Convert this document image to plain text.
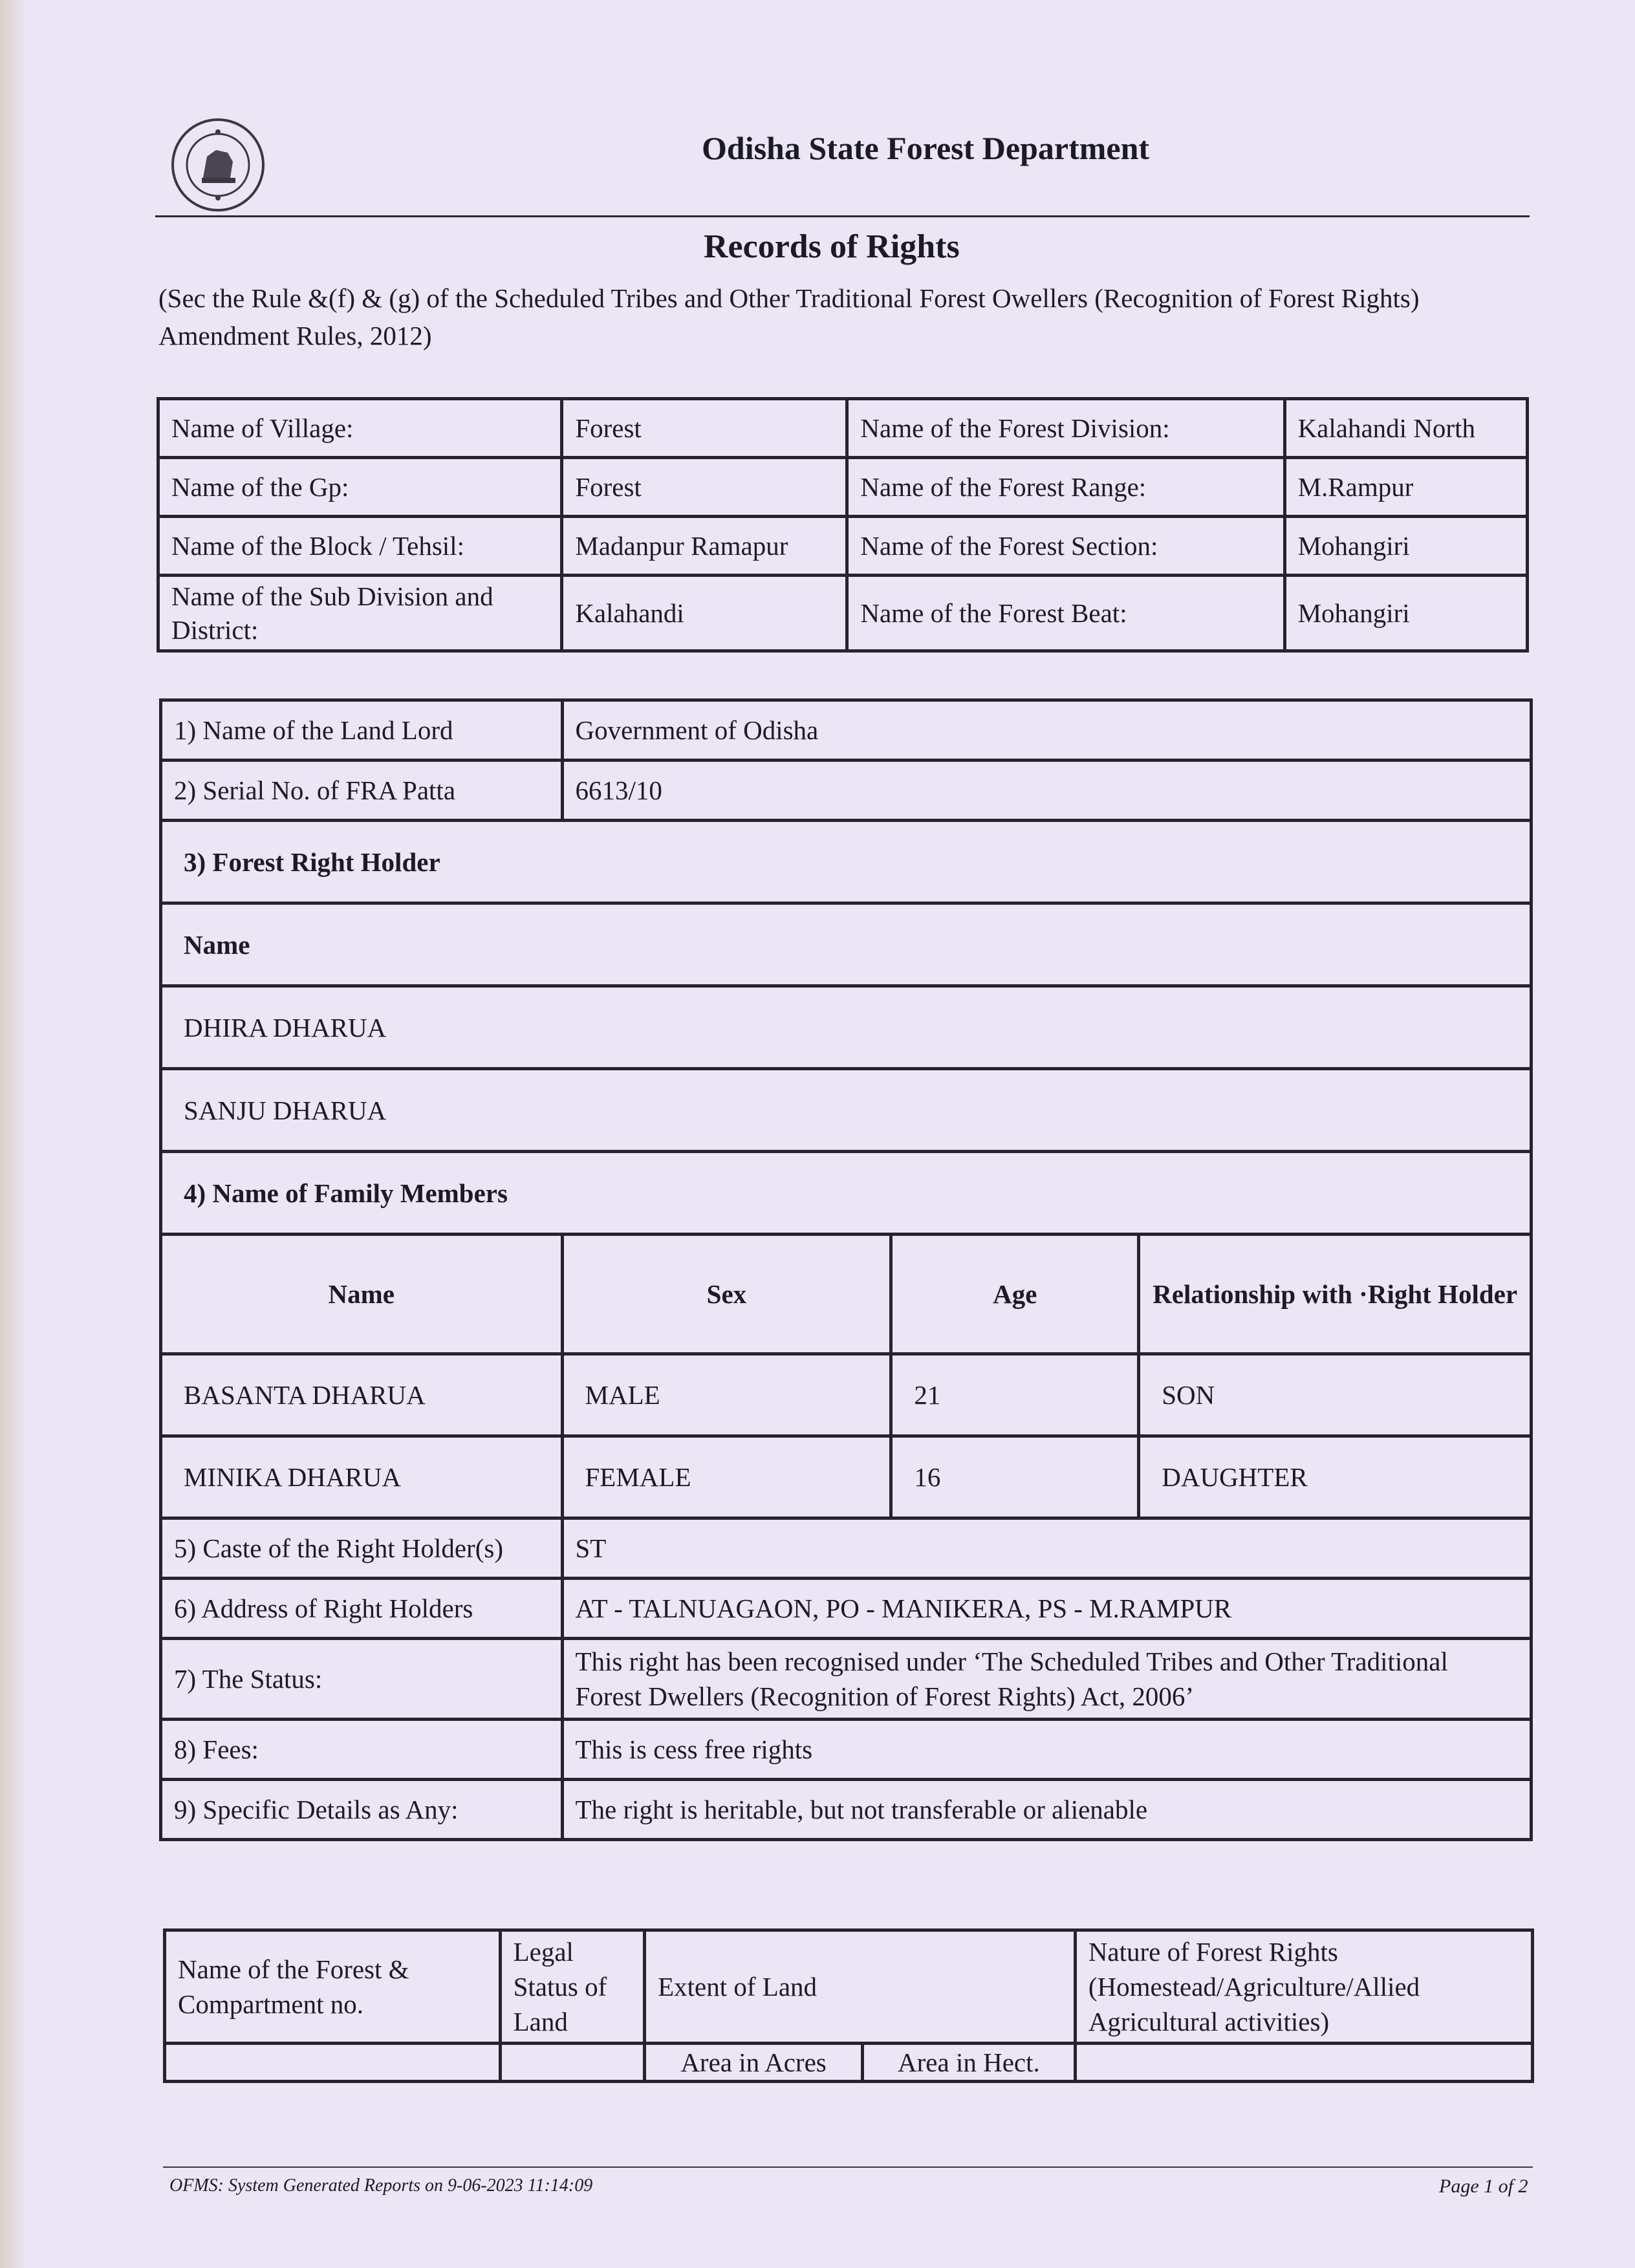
Odisha State Forest Department
Records of Rights
(Sec the Rule &(f) & (g) of the Scheduled Tribes and Other Traditional Forest Owellers (Recognition of Forest Rights) Amendment Rules, 2012)
Name of Village:	Forest	Name of the Forest Division:	Kalahandi North
Name of the Gp:	Forest	Name of the Forest Range:	M.Rampur
Name of the Block / Tehsil:	Madanpur Ramapur	Name of the Forest Section:	Mohangiri
Name of the Sub Division and District:	Kalahandi	Name of the Forest Beat:	Mohangiri
1) Name of the Land Lord	Government of Odisha		
2) Serial No. of FRA Patta	6613/10		
3) Forest Right Holder			
Name			
DHIRA DHARUA			
SANJU DHARUA			
4) Name of Family Members			
Name	Sex	Age	Relationship with ·Right Holder
BASANTA DHARUA	MALE	21	SON
MINIKA DHARUA	FEMALE	16	DAUGHTER
5) Caste of the Right Holder(s)	ST		
6) Address of Right Holders	AT - TALNUAGAON, PO - MANIKERA, PS - M.RAMPUR		
7) The Status:	This right has been recognised under ‘The Scheduled Tribes and Other Traditional Forest Dwellers (Recognition of Forest Rights) Act, 2006’		
8) Fees:	This is cess free rights		
9) Specific Details as Any:	The right is heritable, but not transferable or alienable		
Name of the Forest & Compartment no.	Legal Status of Land	Extent of Land		Nature of Forest Rights (Homestead/Agriculture/Allied Agricultural activities)
		Area in Acres	Area in Hect.	
OFMS: System Generated Reports on 9-06-2023 11:14:09	Page 1 of 2
